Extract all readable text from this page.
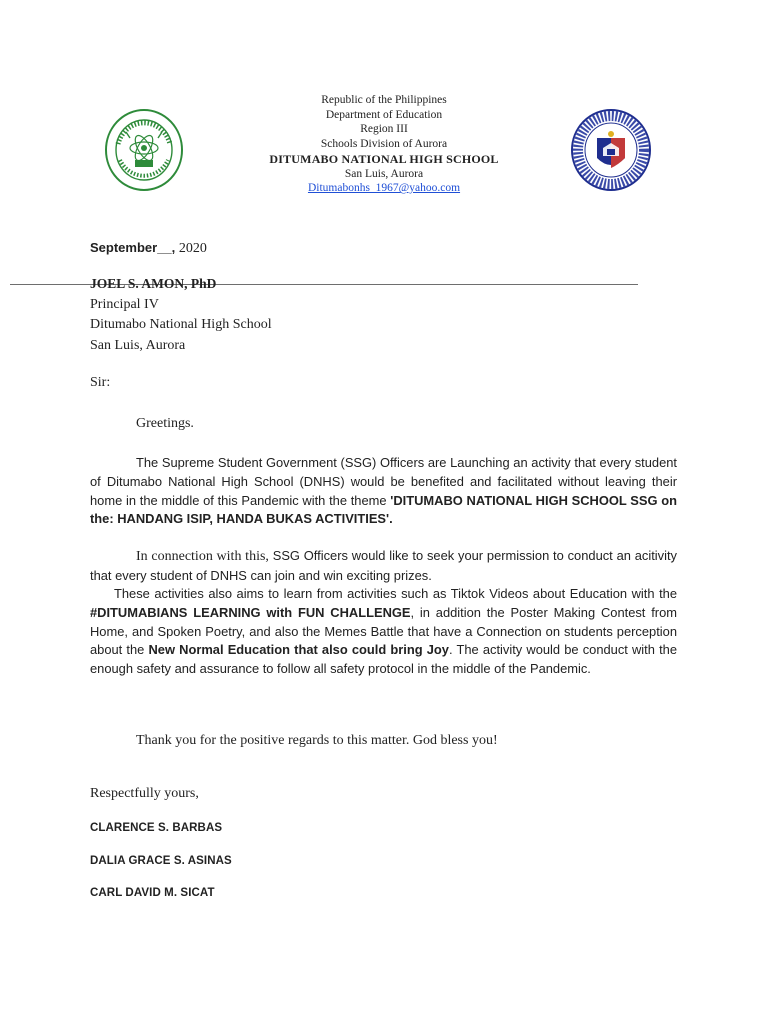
Republic of the Philippines
Department of Education
Region III
Schools Division of Aurora
DITUMABO NATIONAL HIGH SCHOOL
San Luis, Aurora
Ditumabonhs_1967@yahoo.com
September__, 2020
JOEL S. AMON, PhD
Principal IV
Ditumabo National High School
San Luis, Aurora
Sir:
Greetings.
The Supreme Student Government (SSG) Officers are Launching an activity that every student of Ditumabo National High School (DNHS) would be benefited and facilitated without leaving their home in the middle of this Pandemic with the theme 'DITUMABO NATIONAL HIGH SCHOOL SSG on the: HANDANG ISIP, HANDA BUKAS ACTIVITIES'.
In connection with this, SSG Officers would like to seek your permission to conduct an acitivity that every student of DNHS can join and win exciting prizes.
These activities also aims to learn from activities such as Tiktok Videos about Education with the #DITUMABIANS LEARNING with FUN CHALLENGE, in addition the Poster Making Contest from Home, and Spoken Poetry, and also the Memes Battle that have a Connection on students perception about the New Normal Education that also could bring Joy. The activity would be conduct with the enough safety and assurance to follow all safety protocol in the middle of the Pandemic.
Thank you for the positive regards to this matter. God bless you!
Respectfully yours,
CLARENCE S. BARBAS
DALIA GRACE S. ASINAS
CARL DAVID M. SICAT
